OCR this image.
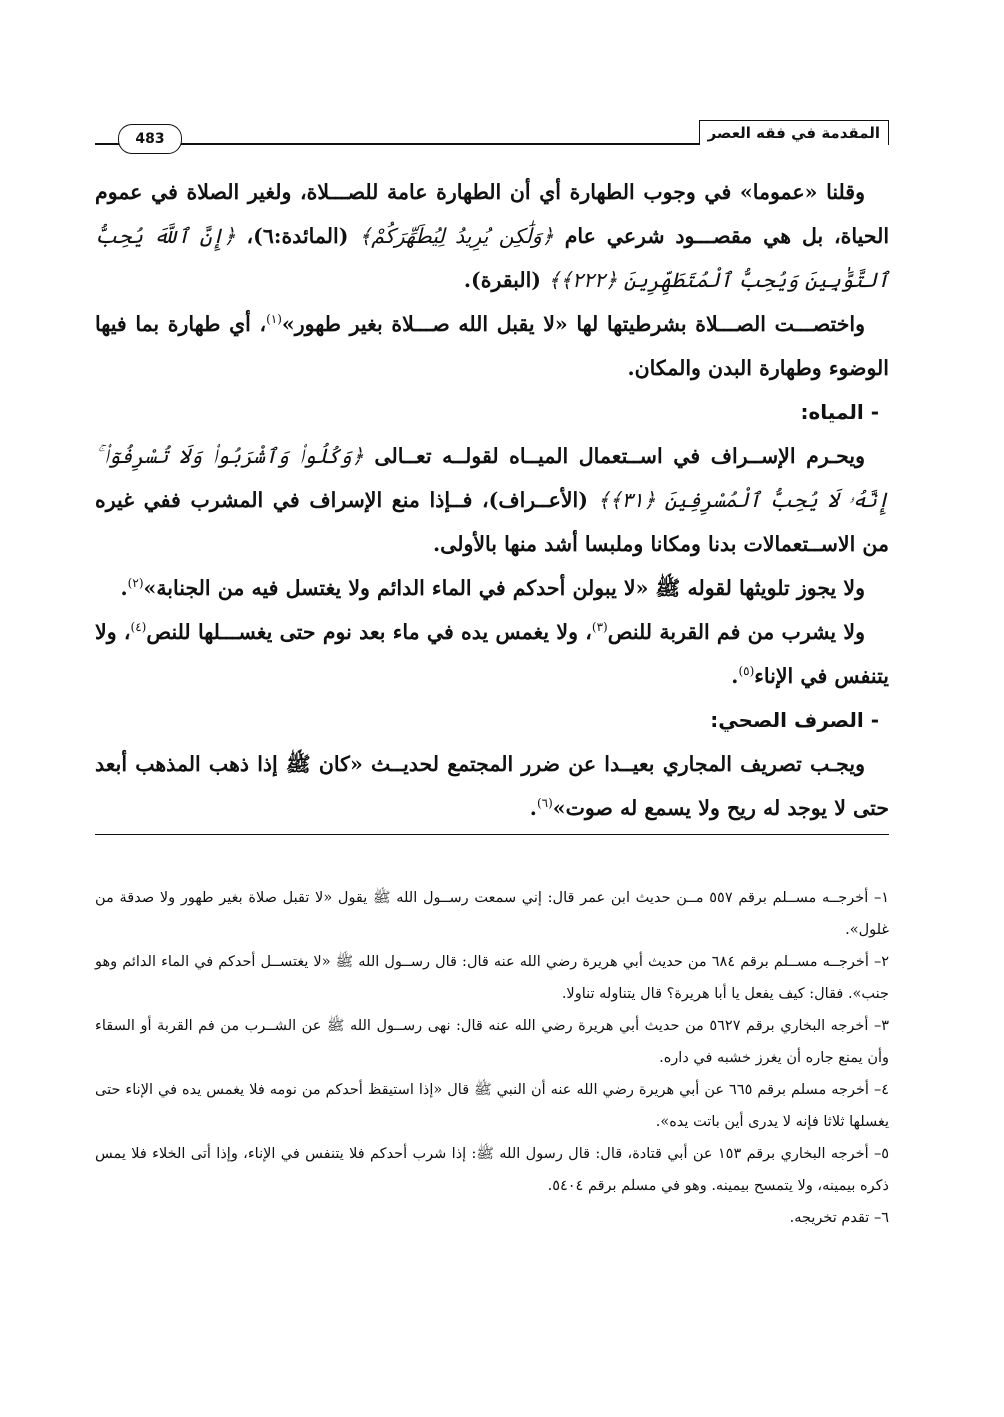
المقدمة في فقه العصر
483

وقلنا «عموما» في وجوب الطهارة أي أن الطهارة عامة للصـــلاة، ولغير الصلاة في عموم الحياة، بل هي مقصـــود شرعي عام ﴿وَلَٰكِن يُرِيدُ لِيُطَهِّرَكُمْ﴾ (المائدة:٦)، ﴿إِنَّ ٱللَّهَ يُحِبُّ ٱلتَّوَّٰبِينَ وَيُحِبُّ ٱلْمُتَطَهِّرِينَ ﴿٢٢٢﴾﴾ (البقرة).

واختصـــت الصـــلاة بشرطيتها لها «لا يقبل الله صـــلاة بغير طهور»$^{(١)}$، أي طهارة بما فيها الوضوء وطهارة البدن والمكان.

- المياه:

ويحـرم الإســراف في اســتعمال الميــاه لقولــه تعــالى ﴿وَكُلُوا۟ وَٱشْرَبُوا۟ وَلَا تُسْرِفُوٓا۟ ۚ إِنَّهُۥ لَا يُحِبُّ ٱلْمُسْرِفِينَ ﴿٣١﴾﴾ (الأعــراف)، فــإذا منع الإسراف في المشرب ففي غيره من الاســتعمالات بدنا ومكانا وملبسا أشد منها بالأولى.

ولا يجوز تلويثها لقوله ﷺ «لا يبولن أحدكم في الماء الدائم ولا يغتسل فيه من الجنابة»$^{(٢)}$.

ولا يشرب من فم القربة للنص$^{(٣)}$، ولا يغمس يده في ماء بعد نوم حتى يغســـلها للنص$^{(٤)}$، ولا يتنفس في الإناء$^{(٥)}$.

- الصرف الصحي:

ويجـب تصريف المجاري بعيــدا عن ضرر المجتمع لحديــث «كان ﷺ إذا ذهب المذهب أبعد حتى لا يوجد له ريح ولا يسمع له صوت»$^{(٦)}$.

١– أخرجــه مســلم برقم ٥٥٧ مــن حديث ابن عمر قال: إني سمعت رســول الله ﷺ يقول «لا تقبل صلاة بغير طهور ولا صدقة من غلول».

٢– أخرجــه مســلم برقم ٦٨٤ من حديث أبي هريرة رضي الله عنه قال: قال رســول الله ﷺ «لا يغتســل أحدكم في الماء الدائم وهو جنب». فقال: كيف يفعل يا أبا هريرة؟ قال يتناوله تناولا.

٣– أخرجه البخاري برقم ٥٦٢٧ من حديث أبي هريرة رضي الله عنه قال: نهى رســول الله ﷺ عن الشــرب من فم القربة أو السقاء وأن يمنع جاره أن يغرز خشبه في داره.

٤– أخرجه مسلم برقم ٦٦٥ عن أبي هريرة رضي الله عنه أن النبي ﷺ قال «إذا استيقظ أحدكم من نومه فلا يغمس يده في الإناء حتى يغسلها ثلاثا فإنه لا يدرى أين باتت يده».

٥– أخرجه البخاري برقم ١٥٣ عن أبي قتادة، قال: قال رسول الله ﷺ: إذا شرب أحدكم فلا يتنفس في الإناء، وإذا أتى الخلاء فلا يمس ذكره بيمينه، ولا يتمسح بيمينه. وهو في مسلم برقم ٥٤٠٤.

٦– تقدم تخريجه.
